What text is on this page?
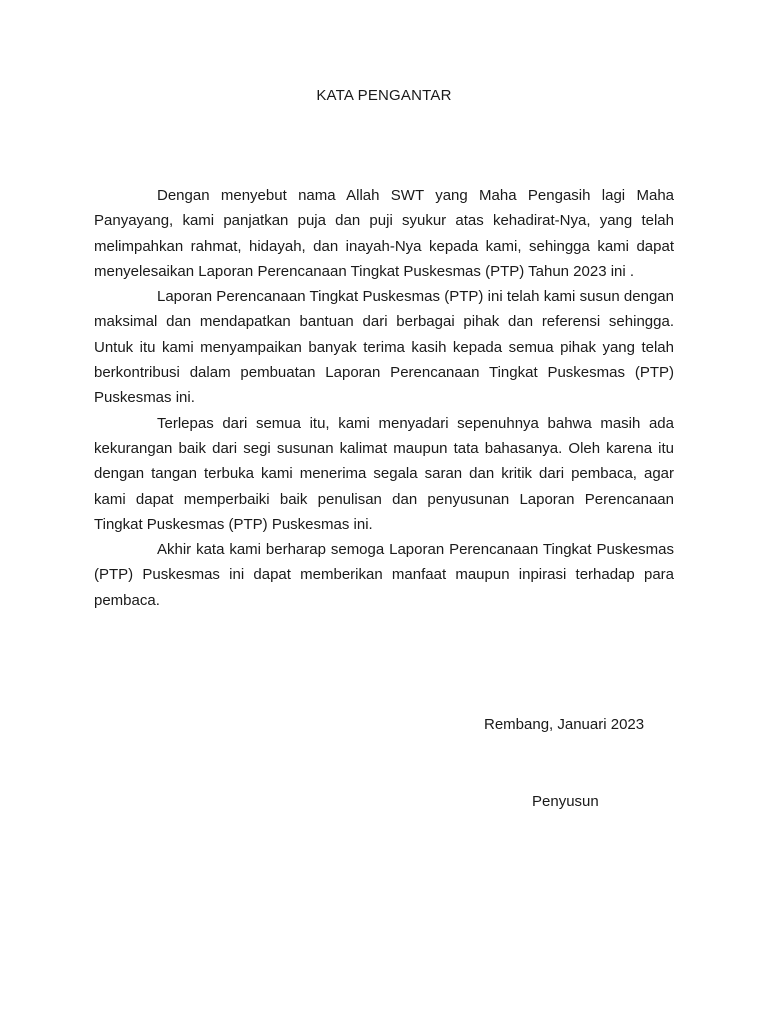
KATA PENGANTAR

Dengan menyebut nama Allah SWT yang Maha Pengasih lagi Maha Panyayang, kami panjatkan puja dan puji syukur atas kehadirat-Nya, yang telah melimpahkan rahmat, hidayah, dan inayah-Nya kepada kami, sehingga kami dapat menyelesaikan Laporan Perencanaan Tingkat Puskesmas (PTP) Tahun 2023 ini .

Laporan Perencanaan Tingkat Puskesmas (PTP) ini telah kami susun dengan maksimal dan mendapatkan bantuan dari berbagai pihak dan referensi sehingga. Untuk itu kami menyampaikan banyak terima kasih kepada semua pihak yang telah berkontribusi dalam pembuatan Laporan Perencanaan Tingkat Puskesmas (PTP) Puskesmas ini.

Terlepas dari semua itu, kami menyadari sepenuhnya bahwa masih ada kekurangan baik dari segi susunan kalimat maupun tata bahasanya. Oleh karena itu dengan tangan terbuka kami menerima segala saran dan kritik dari pembaca, agar kami dapat memperbaiki baik penulisan dan penyusunan Laporan Perencanaan Tingkat Puskesmas (PTP) Puskesmas ini.

Akhir kata kami berharap semoga Laporan Perencanaan Tingkat Puskesmas (PTP) Puskesmas ini dapat memberikan manfaat maupun inpirasi terhadap para pembaca.

Rembang, Januari 2023
Penyusun
